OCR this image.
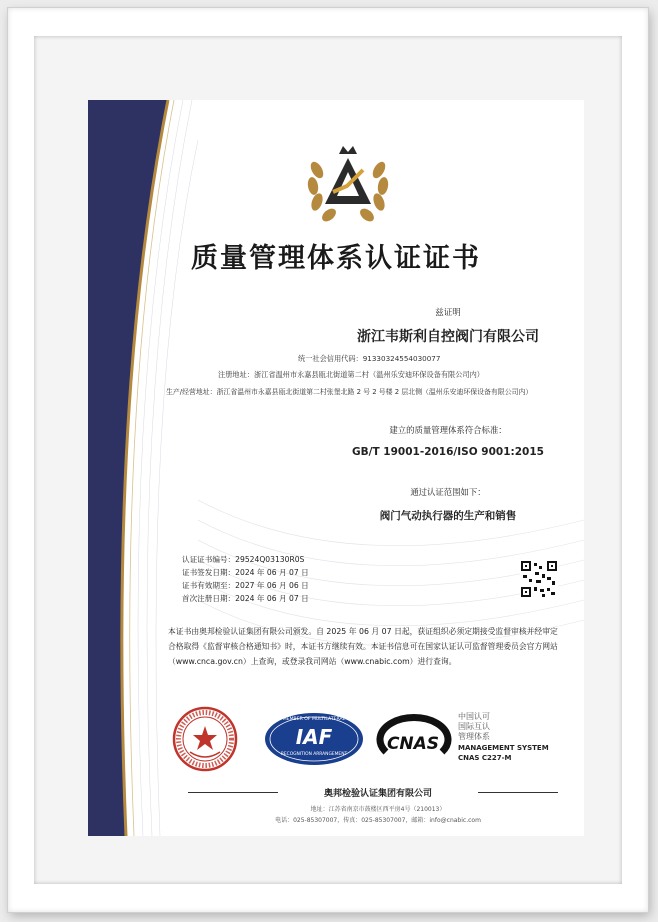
质量管理体系认证证书
兹证明
浙江韦斯利自控阀门有限公司
统一社会信用代码：91330324554030077
注册地址：浙江省温州市永嘉县瓯北街道第二村（温州乐安迪环保设备有限公司内）
生产/经营地址：浙江省温州市永嘉县瓯北街道第二村张堡北路 2 号 2 号楼 2 层北侧（温州乐安迪环保设备有限公司内）
建立的质量管理体系符合标准：
GB/T 19001-2016/ISO 9001:2015
通过认证范围如下：
阀门气动执行器的生产和销售
认证证书编号：29524Q03130R0S
证书签发日期：2024 年 06 月 07 日
证书有效期至：2027 年 06 月 06 日
首次注册日期：2024 年 06 月 07 日
本证书由奥邦检验认证集团有限公司颁发。自 2025 年 06 月 07 日起，获证组织必须定期接受监督审核并经审定合格取得《监督审核合格通知书》时，本证书方继续有效。本证书信息可在国家认证认可监督管理委员会官方网站（www.cnca.gov.cn）上查询，或登录我司网站（www.cnabic.com）进行查询。
MEMBER OF MULTILATERAL
IAF
RECOGNITION ARRANGEMENT
CNAS
中国认可
国际互认
管理体系
MANAGEMENT SYSTEM
CNAS C227-M
奥邦检验认证集团有限公司
地址：江苏省南京市鼓楼区西平房4号（210013）
电话：025-85307007，传真：025-85307007，邮箱：info@cnabic.com
